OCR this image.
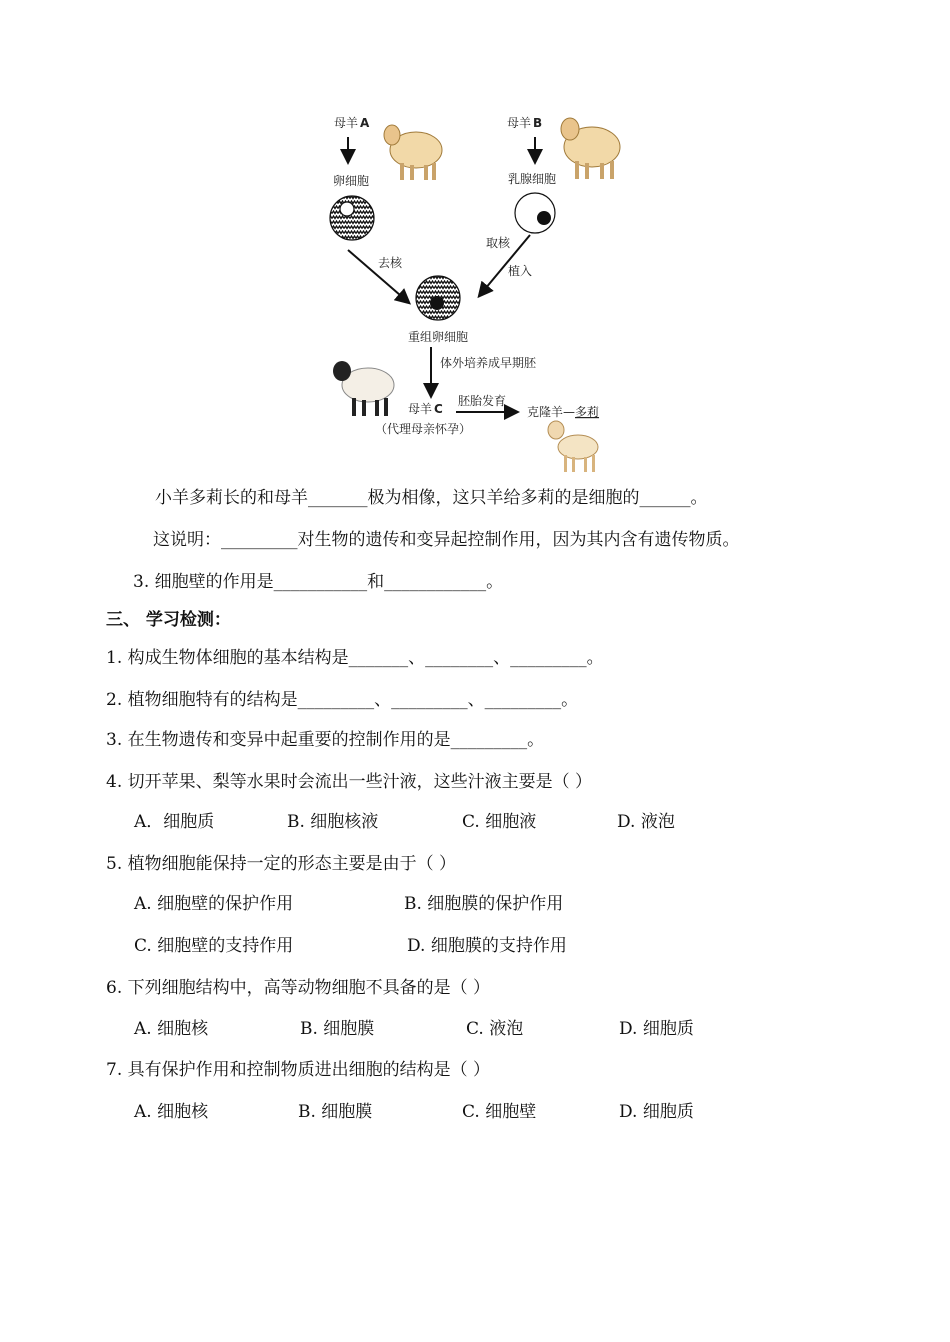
母羊 A
卵细胞
母羊 B
乳腺细胞
去核
取核
植入
重组卵细胞
体外培养成早期胚
母羊 C
（代理母亲怀孕）
胚胎发育
克隆羊—多莉
小羊多莉长的和母羊_______极为相像，这只羊给多莉的是细胞的______。
这说明：_________对生物的遗传和变异起控制作用，因为其内含有遗传物质。
3. 细胞壁的作用是___________和____________。
三、 学习检测：
1. 构成生物体细胞的基本结构是_______、________、_________。
2. 植物细胞特有的结构是_________、_________、_________。
3. 在生物遗传和变异中起重要的控制作用的是_________。
4. 切开苹果、梨等水果时会流出一些汁液，这些汁液主要是（ ）
A．细胞质	B. 细胞核液	C. 细胞液	D. 液泡
5. 植物细胞能保持一定的形态主要是由于（ ）
A. 细胞壁的保护作用	B. 细胞膜的保护作用
C. 细胞壁的支持作用	D. 细胞膜的支持作用
6. 下列细胞结构中，高等动物细胞不具备的是（ ）
A. 细胞核	B. 细胞膜	C. 液泡	D. 细胞质
7. 具有保护作用和控制物质进出细胞的结构是（ ）
A. 细胞核	B. 细胞膜	C. 细胞壁	D. 细胞质
